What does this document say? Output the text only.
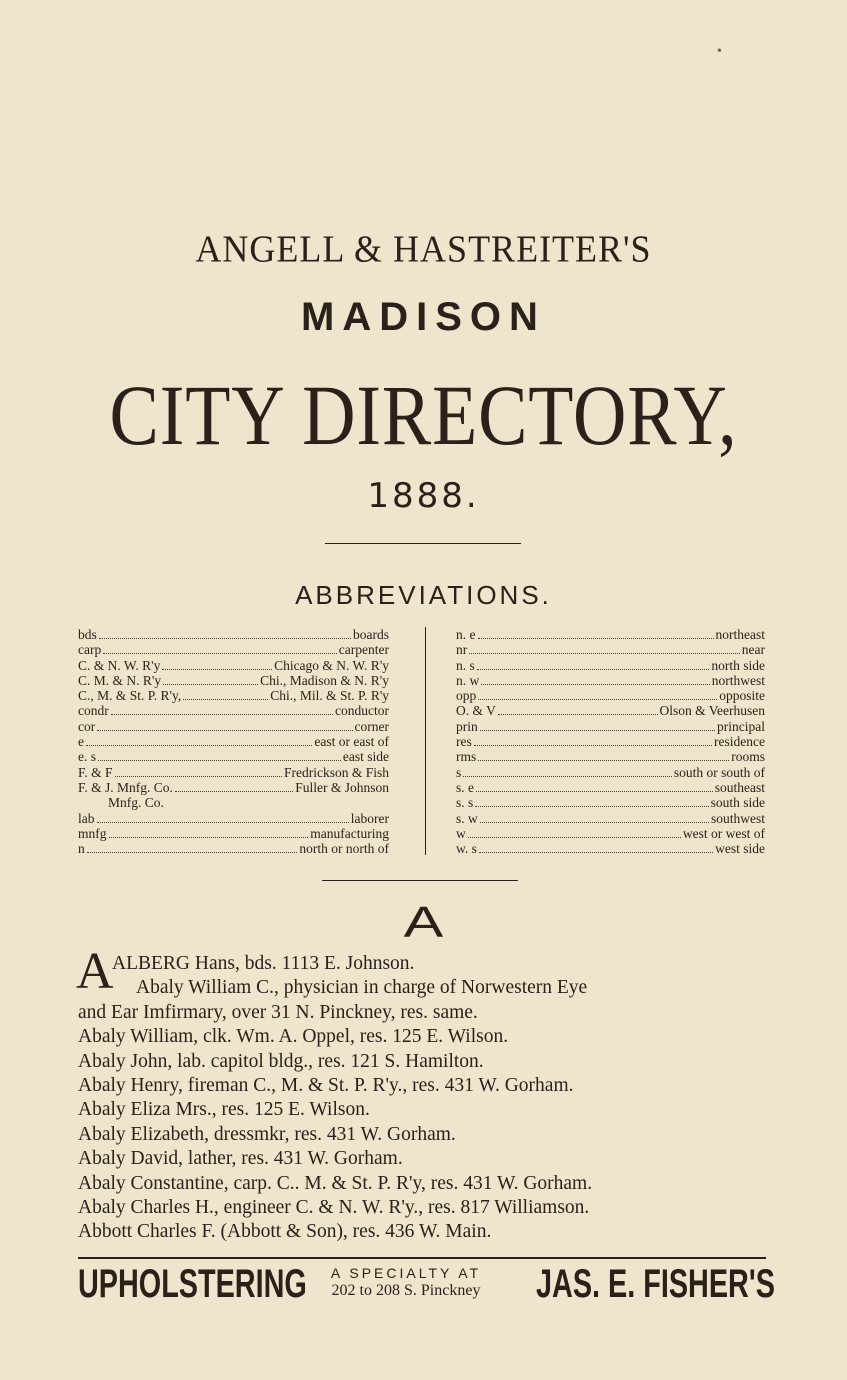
•
ANGELL & HASTREITER'S
MADISON
CITY DIRECTORY,
1888.
ABBREVIATIONS.
bds	boards
carp	carpenter
C. & N. W. R'y	Chicago & N. W. R'y
C. M. & N. R'y	Chi., Madison & N. R'y
C., M. & St. P. R'y,	Chi., Mil. & St. P. R'y
condr	conductor
cor	corner
e	east or east of
e. s	east side
F. & F	Fredrickson & Fish
F. & J. Mnfg. Co.	Fuller & Johnson
Mnfg. Co.
lab	laborer
mnfg	manufacturing
n	north or north of
n. e	northeast
nr	near
n. s	north side
n. w	northwest
opp	opposite
O. & V	Olson & Veerhusen
prin	principal
res	residence
rms	rooms
s	south or south of
s. e	southeast
s. s	south side
s. w	southwest
w	west or west of
w. s	west side
A
ALBERG Hans, bds. 1113 E. Johnson.
Abaly William C., physician in charge of Norwestern Eye
and Ear Imfirmary, over 31 N. Pinckney, res. same.
Abaly William, clk. Wm. A. Oppel, res. 125 E. Wilson.
Abaly John, lab. capitol bldg., res. 121 S. Hamilton.
Abaly Henry, fireman C., M. & St. P. R'y., res. 431 W. Gorham.
Abaly Eliza Mrs., res. 125 E. Wilson.
Abaly Elizabeth, dressmkr, res. 431 W. Gorham.
Abaly David, lather, res. 431 W. Gorham.
Abaly Constantine, carp. C.. M. & St. P. R'y, res. 431 W. Gorham.
Abaly Charles H., engineer C. & N. W. R'y., res. 817 Williamson.
Abbott Charles F. (Abbott & Son), res. 436 W. Main.
A
UPHOLSTERING	A SPECIALTY AT
202 to 208 S. Pinckney	JAS. E. FISHER'S
